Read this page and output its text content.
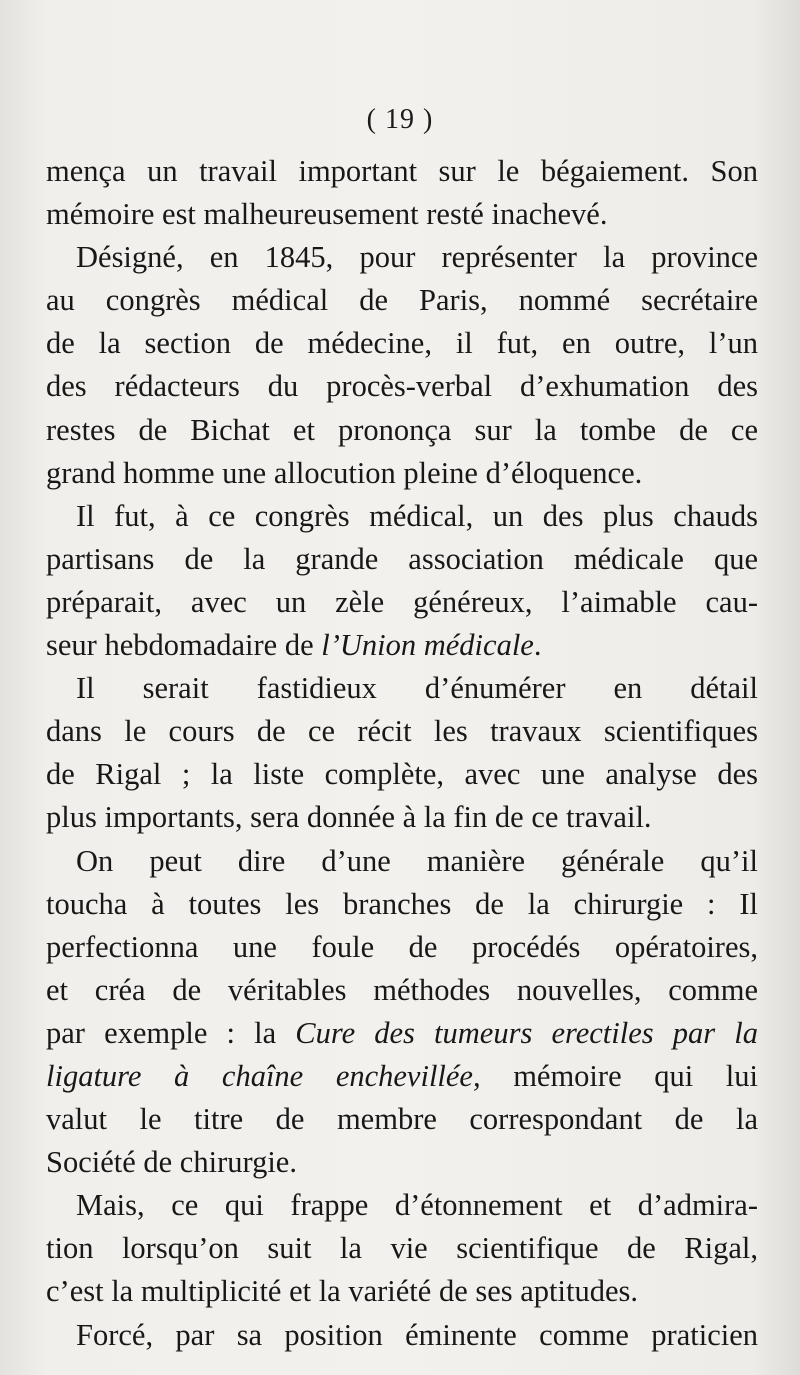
( 19 )
mença un travail important sur le bégaiement. Son
mémoire est malheureusement resté inachevé.
Désigné, en 1845, pour représenter la province
au congrès médical de Paris, nommé secrétaire
de la section de médecine, il fut, en outre, l’un
des rédacteurs du procès-verbal d’exhumation des
restes de Bichat et prononça sur la tombe de ce
grand homme une allocution pleine d’éloquence.
Il fut, à ce congrès médical, un des plus chauds
partisans de la grande association médicale que
préparait, avec un zèle généreux, l’aimable cau-
seur hebdomadaire de l’Union médicale.
Il serait fastidieux d’énumérer en détail
dans le cours de ce récit les travaux scientifiques
de Rigal ; la liste complète, avec une analyse des
plus importants, sera donnée à la fin de ce travail.
On peut dire d’une manière générale qu’il
toucha à toutes les branches de la chirurgie : Il
perfectionna une foule de procédés opératoires,
et créa de véritables méthodes nouvelles, comme
par exemple : la Cure des tumeurs erectiles par la
ligature à chaîne enchevillée, mémoire qui lui
valut le titre de membre correspondant de la
Société de chirurgie.
Mais, ce qui frappe d’étonnement et d’admira-
tion lorsqu’on suit la vie scientifique de Rigal,
c’est la multiplicité et la variété de ses aptitudes.
Forcé, par sa position éminente comme praticien
